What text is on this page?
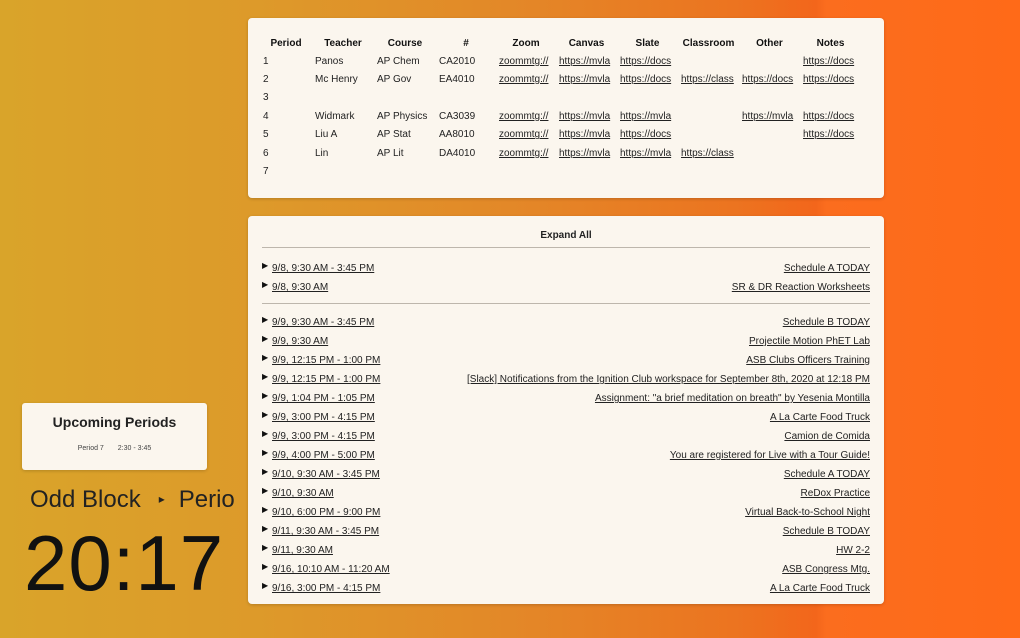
Period	Teacher	Course	#	Zoom	Canvas	Slate	Classroom	Other	Notes
1	Panos	AP Chem	CA2010	zoommtg://	https://mvla	https://docs			https://docs
2	Mc Henry	AP Gov	EA4010	zoommtg://	https://mvla	https://docs	https://class	https://docs	https://docs
3									
4	Widmark	AP Physics	CA3039	zoommtg://	https://mvla	https://mvla		https://mvla	https://docs
5	Liu A	AP Stat	AA8010	zoommtg://	https://mvla	https://docs			https://docs
6	Lin	AP Lit	DA4010	zoommtg://	https://mvla	https://mvla	https://class		
7									
Expand All
▶ 9/8, 9:30 AM - 3:45 PM	Schedule A TODAY
▶ 9/8, 9:30 AM	SR & DR Reaction Worksheets
▶ 9/9, 9:30 AM - 3:45 PM	Schedule B TODAY
▶ 9/9, 9:30 AM	Projectile Motion PhET Lab
▶ 9/9, 12:15 PM - 1:00 PM	ASB Clubs Officers Training
▶ 9/9, 12:15 PM - 1:00 PM	[Slack] Notifications from the Ignition Club workspace for September 8th, 2020 at 12:18 PM
▶ 9/9, 1:04 PM - 1:05 PM	Assignment: "a brief meditation on breath" by Yesenia Montilla
▶ 9/9, 3:00 PM - 4:15 PM	A La Carte Food Truck
▶ 9/9, 3:00 PM - 4:15 PM	Camion de Comida
▶ 9/9, 4:00 PM - 5:00 PM	You are registered for Live with a Tour Guide!
▶ 9/10, 9:30 AM - 3:45 PM	Schedule A TODAY
▶ 9/10, 9:30 AM	ReDox Practice
▶ 9/10, 6:00 PM - 9:00 PM	Virtual Back-to-School Night
▶ 9/11, 9:30 AM - 3:45 PM	Schedule B TODAY
▶ 9/11, 9:30 AM	HW 2-2
▶ 9/16, 10:10 AM - 11:20 AM	ASB Congress Mtg.
▶ 9/16, 3:00 PM - 4:15 PM	A La Carte Food Truck
Upcoming Periods
Period 7 2:30 - 3:45
Odd Block ▸ Perio
20:17
